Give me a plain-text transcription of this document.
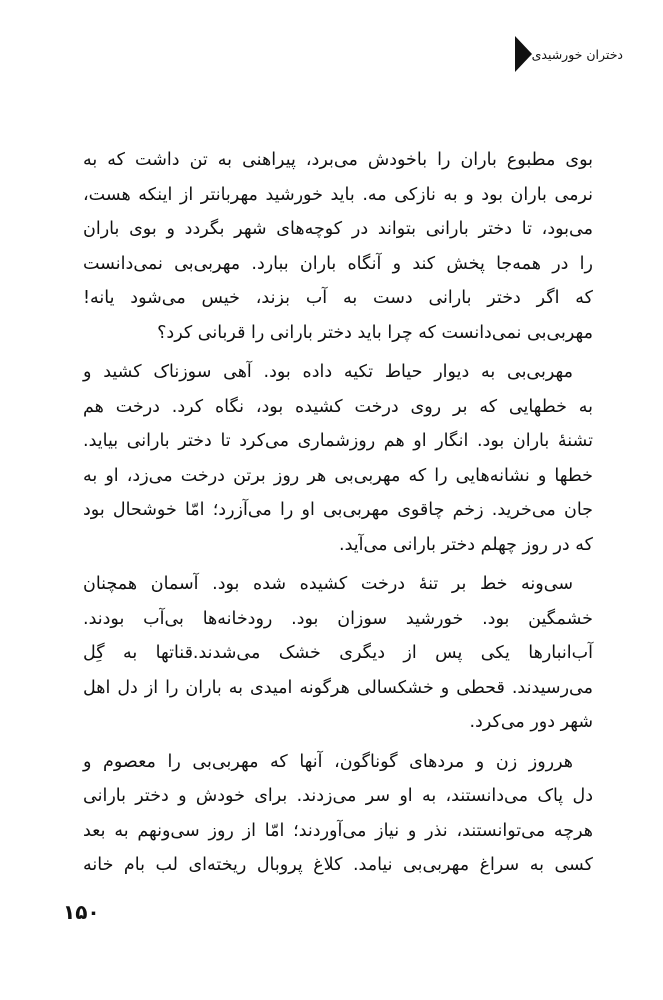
دختران خورشیدی
بوی مطبوع باران را باخودش می‌برد، پیراهنی به تن داشت که به
نرمی باران بود و به نازکی مه. باید خورشید مهربانتر از اینکه هست،
می‌بود، تا دختر بارانی بتواند در کوچه‌های شهر بگردد و بوی باران
را در همه‌جا پخش کند و آنگاه باران ببارد. مهربی‌بی نمی‌دانست
که اگر دختر بارانی دست به آب بزند، خیس می‌شود یانه!
مهربی‌بی نمی‌دانست که چرا باید دختر بارانی را قربانی کرد؟
مهربی‌بی به دیوار حیاط تکیه داده بود. آهی سوزناک کشید و
به خطهایی که بر روی درخت کشیده بود، نگاه کرد. درخت هم
تشنهٔ باران بود. انگار او هم روزشماری می‌کرد تا دختر بارانی بیاید.
خطها و نشانه‌هایی را که مهربی‌بی هر روز برتن درخت می‌زد، او به
جان می‌خرید. زخم چاقوی مهربی‌بی او را می‌آزرد؛ امّا خوشحال بود
که در روز چهلم دختر بارانی می‌آید.
سی‌ونه خط بر تنهٔ درخت کشیده شده بود. آسمان همچنان
خشمگین بود. خورشید سوزان بود. رودخانه‌ها بی‌آب بودند.
آب‌انبارها یکی پس از دیگری خشک می‌شدند.قناتها به گِل
می‌رسیدند. قحطی و خشکسالی هرگونه امیدی به باران را از دل اهل
شهر دور می‌کرد.
هرروز زن و مردهای گوناگون، آنها که مهربی‌بی را معصوم و
دل پاک می‌دانستند، به او سر می‌زدند. برای خودش و دختر بارانی
هرچه می‌توانستند، نذر و نیاز می‌آوردند؛ امّا از روز سی‌ونهم به بعد
کسی به سراغ مهربی‌بی نیامد. کلاغ پروبال ریخته‌ای لب بام خانه
۱۵۰
